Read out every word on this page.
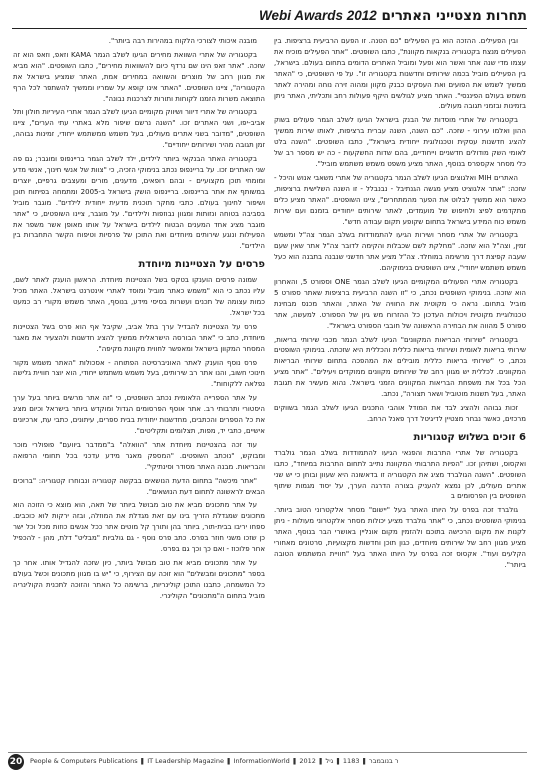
תחרות מצטייני האתרים Webi Awards 2012

ובין הפעילים. ההזכה הוא בין הפעילים "כם הטנה. זו הפעם הרביעית ברציפות. בין הפעילים מנצח בקטגוריה בנקאות מקוונת", כתבו השופטים. "אתר הפעילים מוכיח את עצמו מדי שנה אתר ואשר הוא ופעל ומוביל האתרים הדומים בתחום בעולם. בישראל, בין הפעילים מוביל בכמה שירותים וחדשנות בקטגוריה זו". על פי השופטים, כי "האתר ממשיך לשמש את הפועים ואת העסקים כבנק מקוון ומהוה זירה נוחה ומהירה לאתר משמש בעולם הפיננסי". האתר מציע לגולשים היקף פעולות רחב ותכליתי, האתר ניתן בזמינות ובזמני תגובה מעולים.

בקטגוריה של אתרי מוסדות של הבנק בישראל הגיעו לשלב הגמר פעולים בשוק ההון ואלמו עירוני - שזכה. "כם השנה, השנה עברית ברציפות, לאותו שירות ממשיך להציג חדשנות עסקית וטכנולוגית ייחודית בישראל", כתבו השופטים. "השנה בלט לאומי השק מודולים חדשניים וייחודיים, בהם שדות החשקעות - כה יש מספר רב של כלי מסחר אקספרס בנוסף, האתר מציע משפט משמש משתמש מוביל".

האתרים MIH ואלגוצים הגיעו לשלב הגמר בקטגוריה של אתרי משאבי אנוש והיכל - שזכה: "אתר אלגוציט מציע מגשה הגנתיבל - נבנבלל - זו השנה השלישית ברציפות, כאשר הוא ממשיך לבלוט את הפער מהמתחרים", ציינו השופטים. "האתר מציע כלים מתקדמים לפיצ ולחיפוש של מועמדים, לאתר שירותים ייחודיים בזמנם ועם שירות משמש כוח המידע בישראל בתחום שקופע תקום עבודה חדש".

בקטגוריה של אתרי מסחר ושירות הגיעו להתמודדות בשלב הגמר צה"ל ומשמש זמין, וצה"ל הוא שזכה. "מחלקת לשם שכבלות והקימה לדובר צה"ל אתר שאין שעם שעבה קפיצת דרך מרשימה במוחלד. צה"ל מציע אתר חדשני שנבנה בתבנה הוא כעל משמש משתמש ייחודי", ציינו השופטים בנימוקיהם.

בקטגוריה אתרי הפעולים המקומיים הגיעו לשלב הגמר ONE וספורט 5, והאחרון הוא שזכה. בנימוקי השופטים נכתב, כי "זו השנה הרביעית ברציפות שאתר ספורט 5 מוביל בתחום. נראה כי מקוטית את החוויה של האתר, והאתר מכנס מבחינת טכנולוגיית מקוטית ויכולות העדכון כל ההזרוח מש גיון של הספורט. למעשה, אתר ספורט 5 מהווה את הבחירה הראשונה של חובבי הספורט בישראל".

בקטגוריה "שירותי הבריאות המקוונים" הגיעו לשלב הגמר מכבי שירותי בריאות, שירותי בריאות לאומית ושירותי בריאות כללית והכללית היא שזכתה. בנימוקי השופטים נכתב, כי "שירותי בריאות כללית מובילים את המהפכה בתחום שירותי הבריאות המקוונים. לכללית יש מגוון רחב של שירותים מקוונים ממוקדים ויעילים". "אתר מציע הכל בכל את משפחת הבריאות המקוונים הזמני בישראל. נהוא מעשיר את תגובת האתר, בעל תשנות מוטוביל ושאר תצורה", נכתב.

זכות גבוהה ולהציג לבד את המודל אוהבי התכנים הגיעו לשלב הגמר בשווקים מרכזים, כאשר נבחר מצטיין לדיגיטל דרך פאנל הרחב.

6 זוכים בשלוש קטגוריות

בקטגוריה של אתרי התרבות והפנאי הגיעו להתמודדות בשלב הגמר גולברד ואקסוס, ושתיהן זכו. "הפיות התרבותי המקוונת נתייב לתחום התרבות במיוחד", כתבו השופטים. "השנה הגולברד מציג את הקטגוריה זו בדאשונה היא שעוון ובוחן כי יש שני אתרים מעולים, לכן נמצא להעניק בצורה הדרגה הערך, על יסוד מגמות שיתוף השופטים בין הפרסומים ב

גולברד זכה בפרס על היותו האתר בעל "יישום" מסחר אלקטרוני הטוב ביותר. בנימוקי השופטים נכתב, כי "אתר גולברד מציע יכולות מסחר אלקטרוני מעולות - ניתן לקנות את מקום הרכישה בתוכם ולהזמין מקום אונליין באושרי הבר בנוסף, האתר מציע מגוון רחב של שירותים מיוחדים, כגון תוכן וחדשות מקצועיות, סרטונים מאחורי הקלעים ועוד". אקסוס זכה בפרס על היותו האתר בעל "חוויית המשתמש הטובה ביותר".

מובנה איכותי לצורכי הלקוח במהירות רבה ביותר".

בקטגוריה של אתרי השוואת מחירים הגיעו לשלב הגמר KAMA וזאפ, וזאפ הוא זה שזכה. "אתר זאפ הינו שם נרדף כיום להשוואות מחירים", כתבו השופטים. "הוא מביא את מגוון רחב של מוצרים והשוואה במחירים אמת, האתר שמציע בישראל את הקטגוריה", ציינו השופטים. "האתר אינו קופא על שמריו וממשיך להשתפר לכל הרף התוצאה משרות הזמנו לקוחות ותורות לצרכנות נבונה".

בקטגוריה של אתרי דיוור ושיווק מקומיים הגיעו לשלב הגמר אתרי העיריות חולון ותל אביב-יפו, ושני האתרים זכו. "השנה נרשם שיפור מלא באתרי עתי הערים", ציינו השופטים, "מדובר בשני אתרים מעולים, בעל משמש ממשתמש ייחודי, זמינות גבוהה, זמן תגובה מהיר ושירותים ייחודיים".

בקטגוריה האתר הבנקאי ביותר לילדים, ילד לשלב הגמר בריינפופ ומוגבר; גם פה שני האתרים זכו. על בריינפופ נכתב בנימוקי הזכיה, כי "צוות של אנשי חינוך, אנשי מדע ומומחי תוכן מקצועיים - ובהם רופאים, מדענים, מורים ומעצבים גרפיים, יוצרים במשותף את אתר בריינפופ. בריינפופ הושק בישראל ב-2005 ומתמחה בפיתוח תוכן ושיפור לחינוך בעולם. כתבי מחקר תוכנית מדעית ייחודית לילדים". מוגבר מוביל בסביבה בטוחה ונזותות ומגוון נבוזפות ולילדים". על מוגבר, ציינו השופטים, כי "אתר מוגבר מציג אחד המענים הבטוח לילדים בישראל על אותו מאופן אשר משפר את הפעילות ונוגע שירותים מיוחדים ואת התוכן של פרסיות וטיפוח הקשר התחברות בין הילדים".

פרסים על הצטיינות מיוחדת

שמונה פרסים הוענקו בטקס בשל הצטיינות מיוחדת. הראשון הוענק לאתר לשם, עליו נכתב כי הוא "משמש כאתר מוביל ומוסד לאתרי אינטרנט בישראל. האתר מכיל כמות עצומה של תכנים ועשרות בסיסי מידע, בנוסף, האתר משמש מקורי רב כמעט בכל ישראל.

פרס על הצטיינות להבדיל ערך בתל אביב, שקיבל אף הוא פרס בשל הצטיינות מיוחדת, כתב כי "אתר הבורסה הישראלית ממשיך להציג חדשנות ולהצעיר את מאגר המסחר המקוון בישראל ומאפשר לחווית מקוונת מקיפה".

פרס נוסף הוענק לאתר האוניברסיטה הפתוחה - אסכולות "האתר משמש מקור חינוכי חשוב, והנו אתר רב שירותים, בעל משמש משתמש ייחודי, הוא יוצר חוויית גלישה נפלאה ללקוחות".

על אתר הספרייה הלאומית נכתב השופטים, כי "זה אתר מרשים ביותר בעל ערך היסטורי ותרבותי רב. אתר אוסף הפרסומים הגדול ומוקדש ביותר בישראל וכיום מציג את כל הספרים והכתבים, מחדשנות ייחודית בבית ספרים, עיתונים, כתבי עת, ארכיונים אישיים, כתבי יד, מפות, תצלומים ותקליטים".

עוד זכה בהצטיינות מיוחדת אתר "הוואלה" ב"ממדבר ביוועם" פופולרי מוכר ומבוקש, "נוכתב השופטים. "המספק מאגר מידע עדכני בכל תחומי הרפואה והבריאות. מבנה האתר מסודר וסינתיקי".

"אתר מיכשה" בתחום הדעת הנושאים בבקשה קטגוריה ונבוחרו קטגוריה: "ברוכים הבאים לראשונה לתחום דעת הנושאים".

על אתר מתכונים מביא את טוב מבושל ביותר של תאה, הוא מוצא כי הזוכה הוא מתכונים שמגדלת הזריך בינו עם זאת מגדלת את המוזלה, ובזה ירקות לוא כוכבים. ספחו יריבו בבית-תור, ביותר בהן ותורך קל מוטים אתר ככל אנשים כוזות מכל וכל ישר כן שזכו משני חוזר בפרס. כתב פרס נוסף - גם גולביות "מבליט" דלת, מהן - להכפיל אחר פלוכוז - ואם כך וכך גם בפרס.

על אתר מתכונים מביא את טוב מבושל ביותר, כיון שזכה להגדיל אותו. אחר כך בספר "מתכונים ומבשלים" הוא זוכה עם הצירוף, כי "יש בו מגוון מתכונים וכשל בעולם כל המשמחה, כתבנו התוכן קולינריות, ברשימה כל האתר והזוכה לתכנית הקולינריה מוביל בתחום ה"מתכונים" הקולינרי.

20 People & Computers Publications ❚ IT Leadership Magazine ❚ InformationWorld ❚ 2012 ❚ ר בנובמבר ❚ 1183 ❚ גיל
